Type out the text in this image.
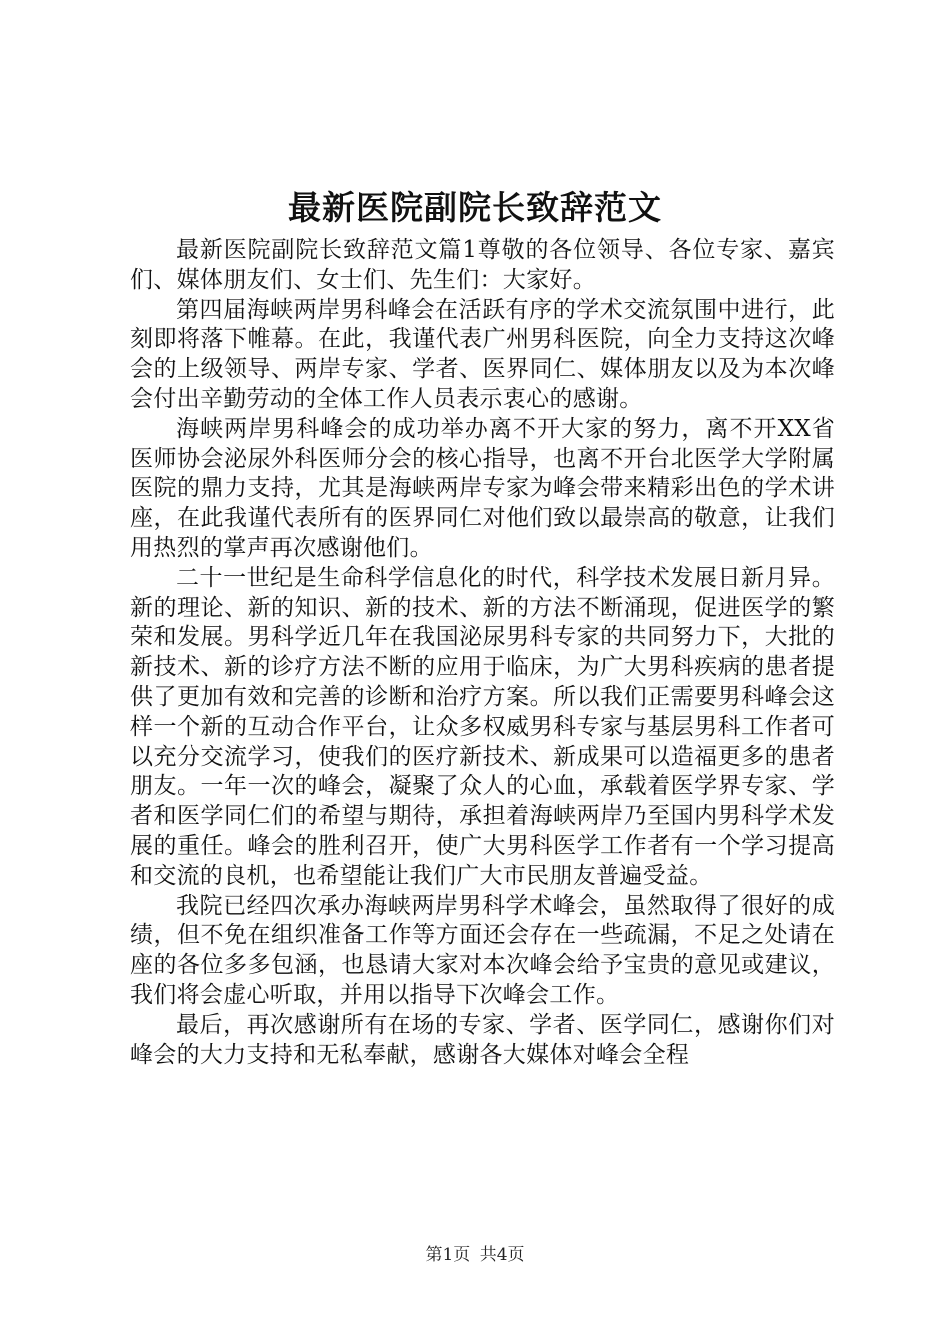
最新医院副院长致辞范文

最新医院副院长致辞范文篇1尊敬的各位领导、各位专家、嘉宾们、媒体朋友们、女士们、先生们：大家好。

第四届海峡两岸男科峰会在活跃有序的学术交流氛围中进行，此刻即将落下帷幕。在此，我谨代表广州男科医院，向全力支持这次峰会的上级领导、两岸专家、学者、医界同仁、媒体朋友以及为本次峰会付出辛勤劳动的全体工作人员表示衷心的感谢。

海峡两岸男科峰会的成功举办离不开大家的努力，离不开XX省医师协会泌尿外科医师分会的核心指导，也离不开台北医学大学附属医院的鼎力支持，尤其是海峡两岸专家为峰会带来精彩出色的学术讲座，在此我谨代表所有的医界同仁对他们致以最崇高的敬意，让我们用热烈的掌声再次感谢他们。

二十一世纪是生命科学信息化的时代，科学技术发展日新月异。新的理论、新的知识、新的技术、新的方法不断涌现，促进医学的繁荣和发展。男科学近几年在我国泌尿男科专家的共同努力下，大批的新技术、新的诊疗方法不断的应用于临床，为广大男科疾病的患者提供了更加有效和完善的诊断和治疗方案。所以我们正需要男科峰会这样一个新的互动合作平台，让众多权威男科专家与基层男科工作者可以充分交流学习，使我们的医疗新技术、新成果可以造福更多的患者朋友。一年一次的峰会，凝聚了众人的心血，承载着医学界专家、学者和医学同仁们的希望与期待，承担着海峡两岸乃至国内男科学术发展的重任。峰会的胜利召开，使广大男科医学工作者有一个学习提高和交流的良机，也希望能让我们广大市民朋友普遍受益。

我院已经四次承办海峡两岸男科学术峰会，虽然取得了很好的成绩，但不免在组织准备工作等方面还会存在一些疏漏，不足之处请在座的各位多多包涵，也恳请大家对本次峰会给予宝贵的意见或建议，我们将会虚心听取，并用以指导下次峰会工作。

最后，再次感谢所有在场的专家、学者、医学同仁，感谢你们对峰会的大力支持和无私奉献，感谢各大媒体对峰会全程

第1页 共4页
